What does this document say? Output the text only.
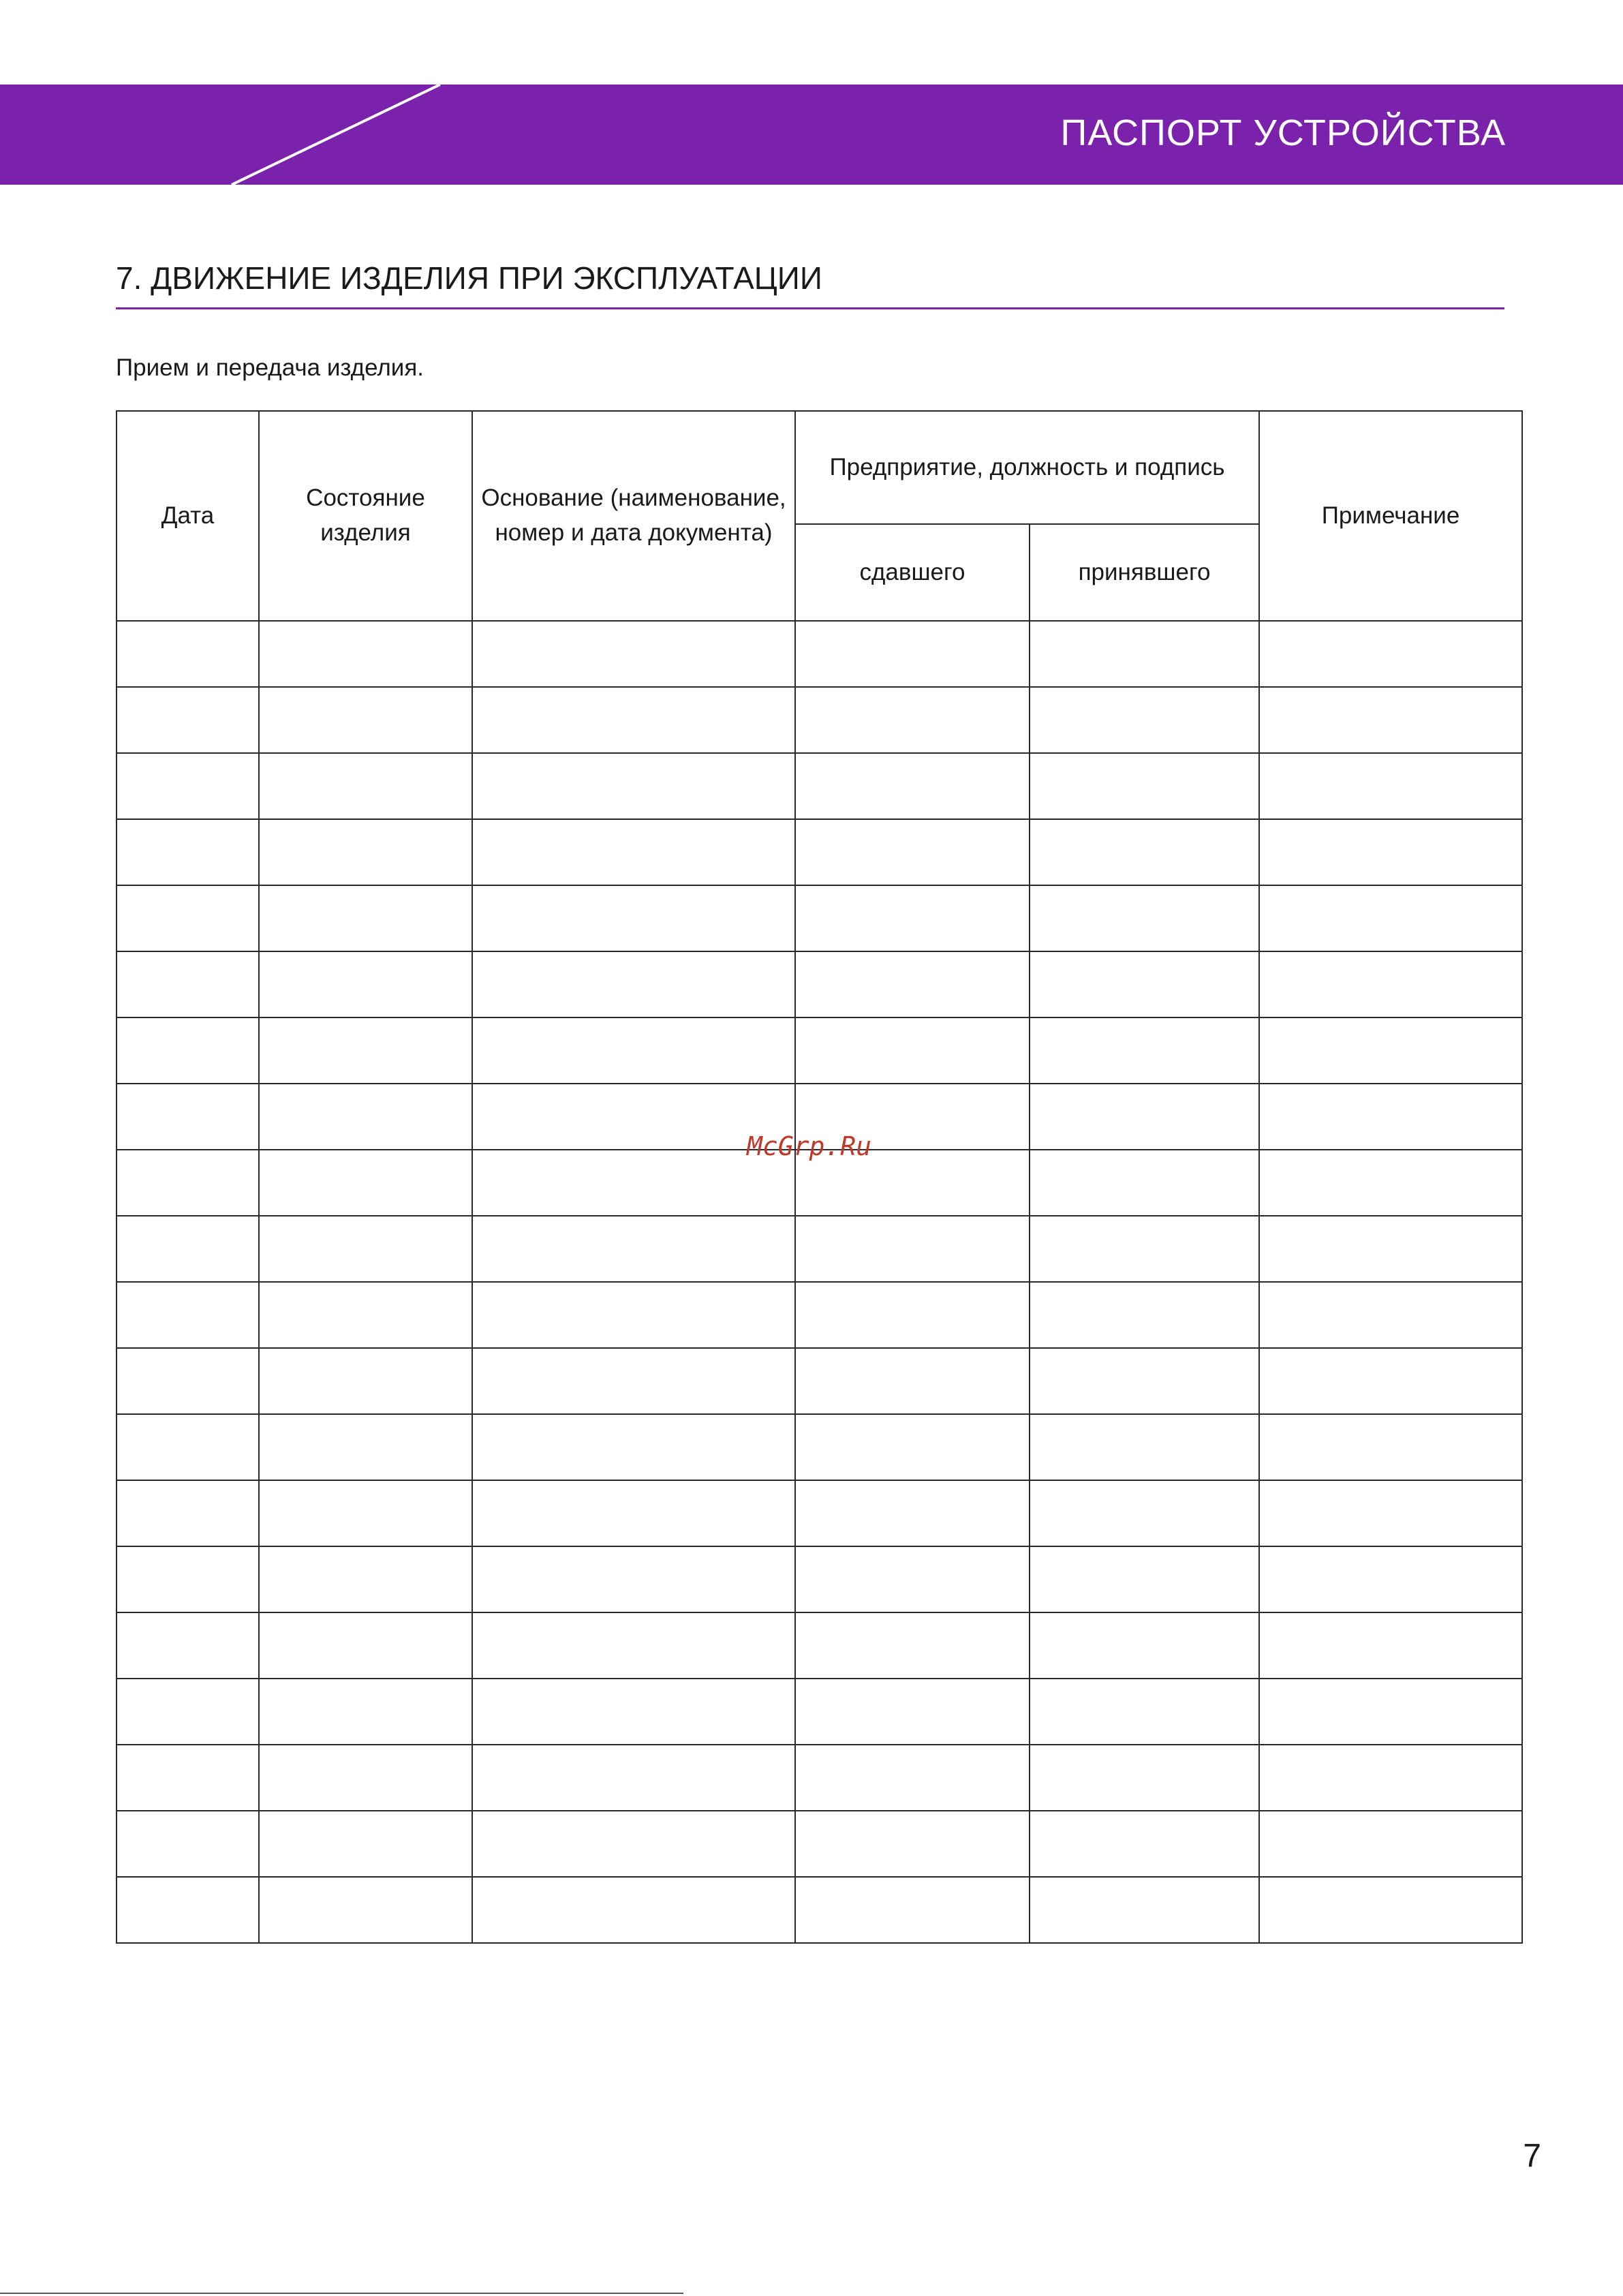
ПАСПОРТ УСТРОЙСТВА
7. ДВИЖЕНИЕ ИЗДЕЛИЯ ПРИ ЭКСПЛУАТАЦИИ
Прием и передача изделия.
Дата	Состояние изделия	Основание (наименование, номер и дата документа)	Предприятие, должность и подпись		Примечание

			сдавшего	принявшего	

McGrp.Ru
7
